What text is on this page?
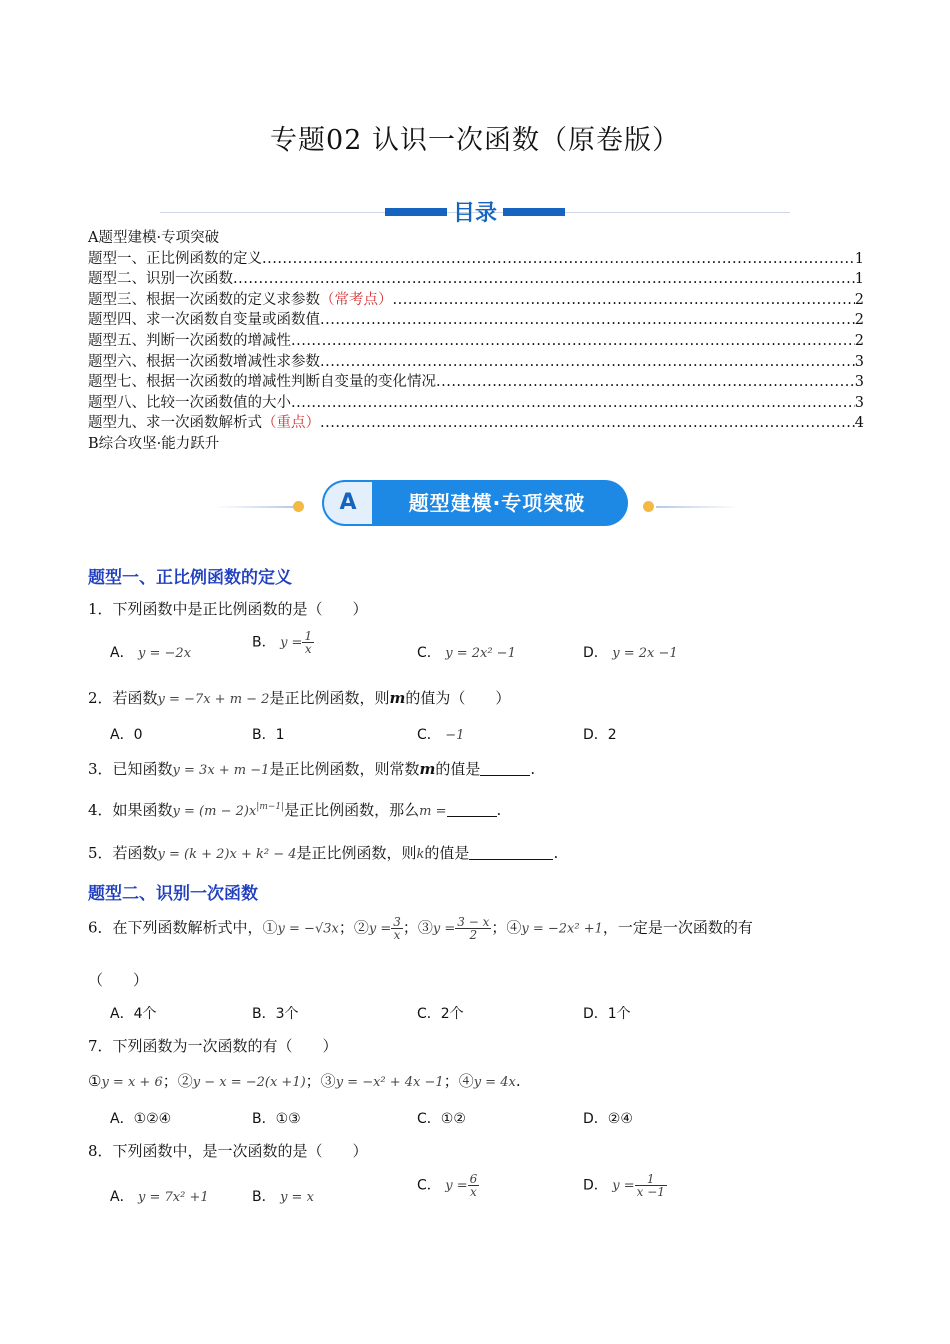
专题02 认识一次函数（原卷版）
目录
A题型建模·专项突破
题型一、正比例函数的定义 .....	1
题型二、识别一次函数 .....	1
题型三、根据一次函数的定义求参数 （常考点） .....	2
题型四、求一次函数自变量或函数值 .....	2
题型五、判断一次函数的增减性 .....	2
题型六、根据一次函数增减性求参数 .....	3
题型七、根据一次函数的增减性判断自变量的变化情况 .....	3
题型八、比较一次函数值的大小 .....	3
题型九、求一次函数解析式 （重点） .....	4
B综合攻坚·能力跃升
A	题型建模·专项突破
题型一、正比例函数的定义
1．下列函数中是正比例函数的是（　　）
A． y = −2x
B． $y = \frac{1}{x}$	C． y = 2x² −1	D． y = 2x −1
2．若函数y = −7x + m − 2是正比例函数，则m的值为（　　）
A．0	B．1	C． −1	D．2
3．已知函数y = 3x + m −1是正比例函数，则常数m的值是	.
4．如果函数$y = (m - 2)x^{|m-1|}$是正比例函数，那么m =	.
5．若函数y = (k + 2)x + k² − 4是正比例函数，则k的值是	.
题型二、识别一次函数
6．在下列函数解析式中，①y = −√3x；②y = $\frac{3}{x}$ ；③y = $\frac{3 - x}{2}$ ；④y = −2x² +1，一定是一次函数的有
（　　）
A．4个	B．3个	C．2个	D．1个
7．下列函数为一次函数的有（　　）
①y = x + 6；②y − x = −2(x +1)；③y = −x² + 4x −1；④y = 4x.
A．①②④	B．①③	C．①②	D．②④
8．下列函数中，是一次函数的是（　　）
A． y = 7x² +1	B． y = x
C． $y = \frac{6}{x}$	D． $y = \frac{1}{x -1}$
